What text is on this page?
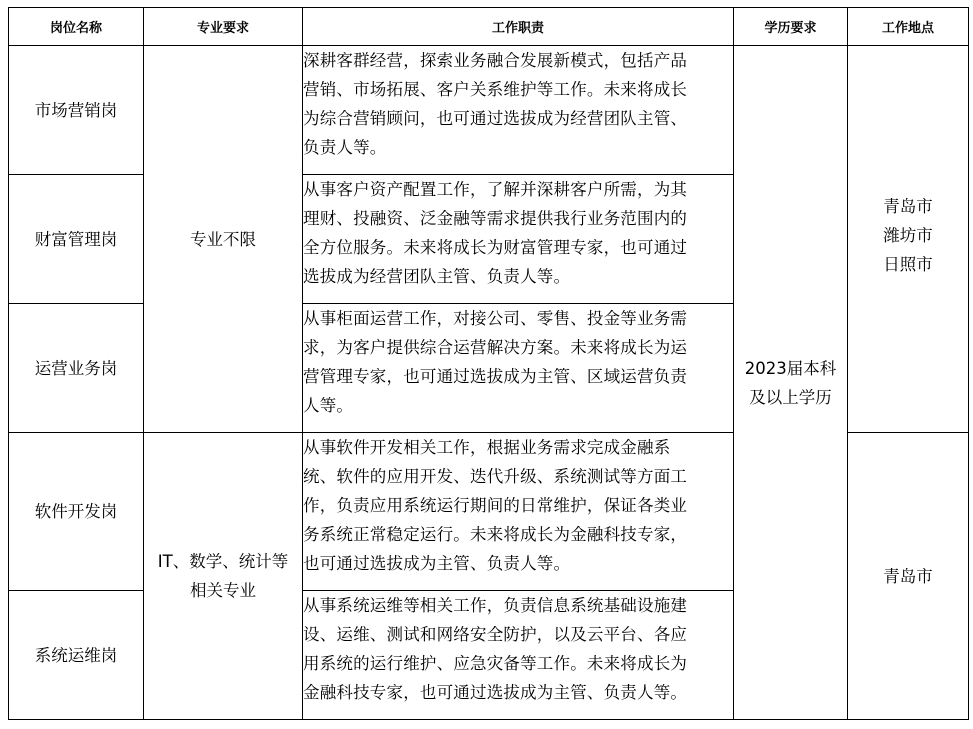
岗位名称	专业要求	工作职责	学历要求	工作地点
市场营销岗	专业不限	深耕客群经营，探索业务融合发展新模式，包括产品
营销、市场拓展、客户关系维护等工作。未来将成长
为综合营销顾问，也可通过选拔成为经营团队主管、
负责人等。	2023届本科
及以上学历	青岛市
潍坊市
日照市

财富管理岗		从事客户资产配置工作，了解并深耕客户所需，为其
理财、投融资、泛金融等需求提供我行业务范围内的
全方位服务。未来将成长为财富管理专家，也可通过
选拔成为经营团队主管、负责人等。		

运营业务岗		从事柜面运营工作，对接公司、零售、投金等业务需
求，为客户提供综合运营解决方案。未来将成长为运
营管理专家，也可通过选拔成为主管、区域运营负责
人等。		

软件开发岗	IT、数学、统计等
相关专业	从事软件开发相关工作，根据业务需求完成金融系
统、软件的应用开发、迭代升级、系统测试等方面工
作，负责应用系统运行期间的日常维护，保证各类业
务系统正常稳定运行。未来将成长为金融科技专家，
也可通过选拔成为主管、负责人等。		青岛市

系统运维岗		从事系统运维等相关工作，负责信息系统基础设施建
设、运维、测试和网络安全防护，以及云平台、各应
用系统的运行维护、应急灾备等工作。未来将成长为
金融科技专家，也可通过选拔成为主管、负责人等。		
